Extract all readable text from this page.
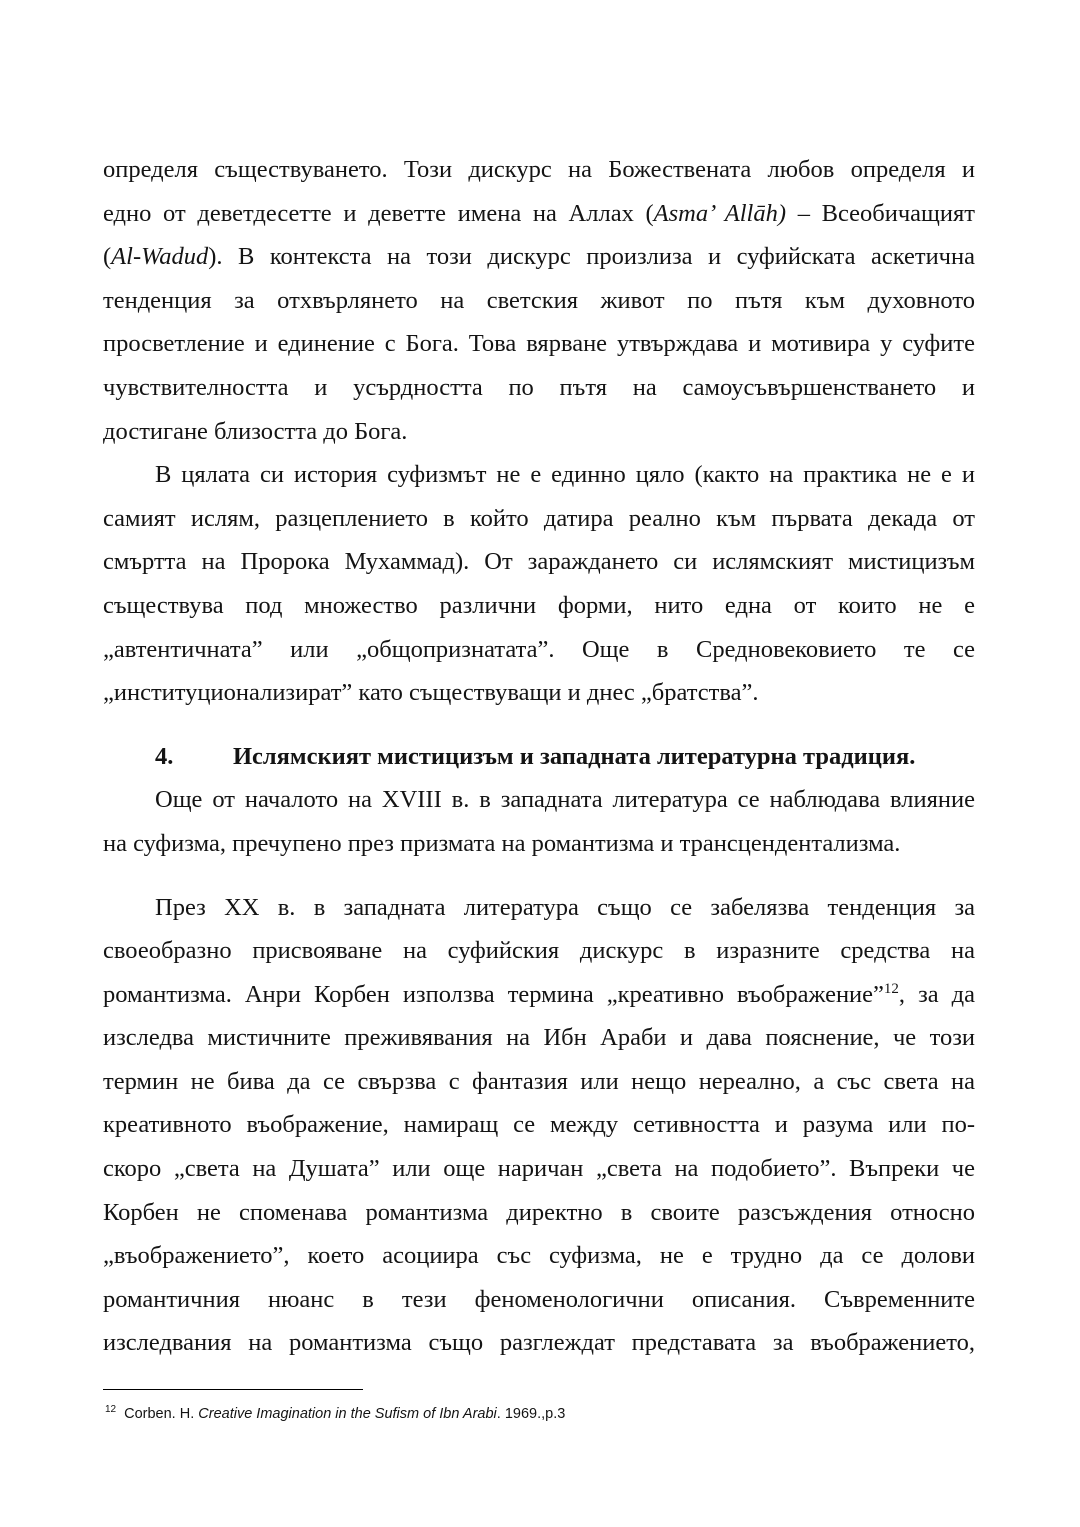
определя съществуването. Този дискурс на Божествената любов определя и
едно от деветдесетте и деветте имена на Аллах (Asma’ Allāh) – Всеобичащият
(Al-Wadud). В контекста на този дискурс произлиза и суфийската аскетична
тенденция за отхвърлянето на светския живот по пътя към духовното
просветление и единение с Бога. Това вярване утвърждава и мотивира у суфите
чувствителността и усърдността по пътя на самоусъвършенстването и
достигане близостта до Бога.
В цялата си история суфизмът не е единно цяло (както на практика не е и
самият ислям, разцеплението в който датира реално към първата декада от
смъртта на Пророка Мухаммад). От зараждането си ислямският мистицизъм
съществува под множество различни форми, нито една от които не е
„автентичната” или „общопризнатата”. Още в Средновековието те се
„институционализират” като съществуващи и днес „братства”.
4. Ислямският мистицизъм и западната литературна традиция.
Още от началото на XVIII в. в западната литература се наблюдава влияние
на суфизма, пречупено през призмата на романтизма и трансцендентализма.
През XX в. в западната литература също се забелязва тенденция за
своеобразно присвояване на суфийския дискурс в изразните средства на
романтизма. Анри Корбен използва термина „креативно въображение”$^{12}$, за да
изследва мистичните преживявания на Ибн Араби и дава пояснение, че този
термин не бива да се свързва с фантазия или нещо нереално, а със света на
креативното въображение, намиращ се между сетивността и разума или по-
скоро „света на Душата” или още наричан „света на подобието”. Въпреки че
Корбен не споменава романтизма директно в своите разсъждения относно
„въображението”, което асоциира със суфизма, не е трудно да се долови
романтичния нюанс в тези феноменологични описания. Съвременните
изследвания на романтизма също разглеждат представата за въображението,
$^{12}$ Corben. H. Creative Imagination in the Sufism of Ibn Arabi. 1969.,p.3
